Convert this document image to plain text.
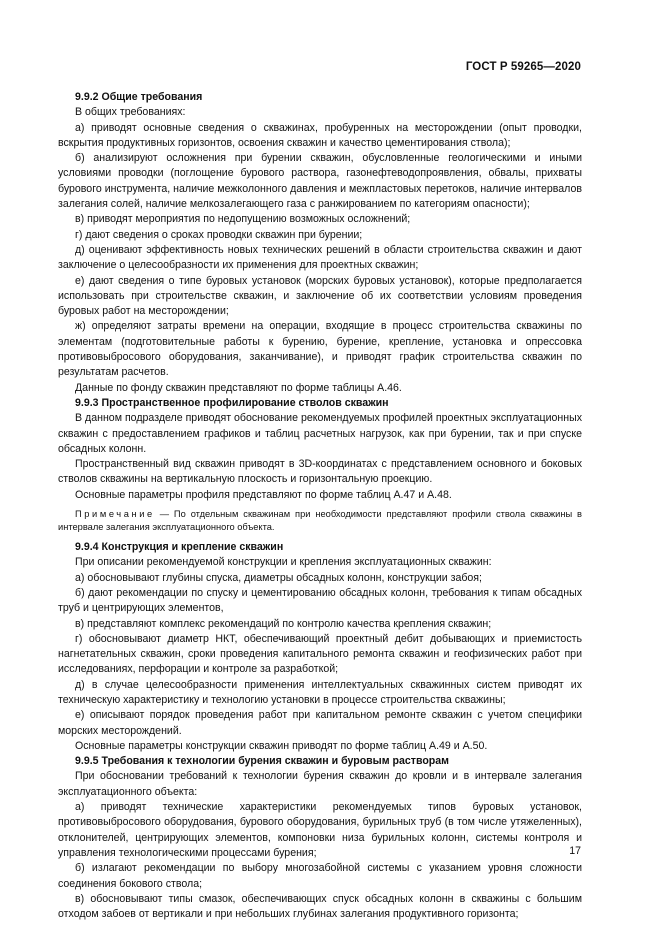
ГОСТ Р 59265—2020

9.9.2 Общие требования

В общих требованиях:

а) приводят основные сведения о скважинах, пробуренных на месторождении (опыт проводки, вскрытия продуктивных горизонтов, освоения скважин и качество цементирования ствола);

б) анализируют осложнения при бурении скважин, обусловленные геологическими и иными условиями проводки (поглощение бурового раствора, газонефтеводопроявления, обвалы, прихваты бурового инструмента, наличие межколонного давления и межпластовых перетоков, наличие интервалов залегания солей, наличие мелкозалегающего газа с ранжированием по категориям опасности);

в) приводят мероприятия по недопущению возможных осложнений;

г) дают сведения о сроках проводки скважин при бурении;

д) оценивают эффективность новых технических решений в области строительства скважин и дают заключение о целесообразности их применения для проектных скважин;

е) дают сведения о типе буровых установок (морских буровых установок), которые предполагается использовать при строительстве скважин, и заключение об их соответствии условиям проведения буровых работ на месторождении;

ж) определяют затраты времени на операции, входящие в процесс строительства скважины по элементам (подготовительные работы к бурению, бурение, крепление, установка и опрессовка противовыбросового оборудования, заканчивание), и приводят график строительства скважин по результатам расчетов.

Данные по фонду скважин представляют по форме таблицы А.46.

9.9.3 Пространственное профилирование стволов скважин

В данном подразделе приводят обоснование рекомендуемых профилей проектных эксплуатационных скважин с предоставлением графиков и таблиц расчетных нагрузок, как при бурении, так и при спуске обсадных колонн.

Пространственный вид скважин приводят в 3D-координатах с представлением основного и боковых стволов скважины на вертикальную плоскость и горизонтальную проекцию.

Основные параметры профиля представляют по форме таблиц А.47 и А.48.

Примечание — По отдельным скважинам при необходимости представляют профили ствола скважины в интервале залегания эксплуатационного объекта.

9.9.4 Конструкция и крепление скважин

При описании рекомендуемой конструкции и крепления эксплуатационных скважин:

а) обосновывают глубины спуска, диаметры обсадных колонн, конструкции забоя;

б) дают рекомендации по спуску и цементированию обсадных колонн, требования к типам обсадных труб и центрирующих элементов,

в) представляют комплекс рекомендаций по контролю качества крепления скважин;

г) обосновывают диаметр НКТ, обеспечивающий проектный дебит добывающих и приемистость нагнетательных скважин, сроки проведения капитального ремонта скважин и геофизических работ при исследованиях, перфорации и контроле за разработкой;

д) в случае целесообразности применения интеллектуальных скважинных систем приводят их техническую характеристику и технологию установки в процессе строительства скважины;

е) описывают порядок проведения работ при капитальном ремонте скважин с учетом специфики морских месторождений.

Основные параметры конструкции скважин приводят по форме таблиц А.49 и А.50.

9.9.5 Требования к технологии бурения скважин и буровым растворам

При обосновании требований к технологии бурения скважин до кровли и в интервале залегания эксплуатационного объекта:

а) приводят технические характеристики рекомендуемых типов буровых установок, противовыбросового оборудования, бурового оборудования, бурильных труб (в том числе утяжеленных), отклонителей, центрирующих элементов, компоновки низа бурильных колонн, системы контроля и управления технологическими процессами бурения;

б) излагают рекомендации по выбору многозабойной системы с указанием уровня сложности соединения бокового ствола;

в) обосновывают типы смазок, обеспечивающих спуск обсадных колонн в скважины с большим отходом забоев от вертикали и при небольших глубинах залегания продуктивного горизонта;

17
